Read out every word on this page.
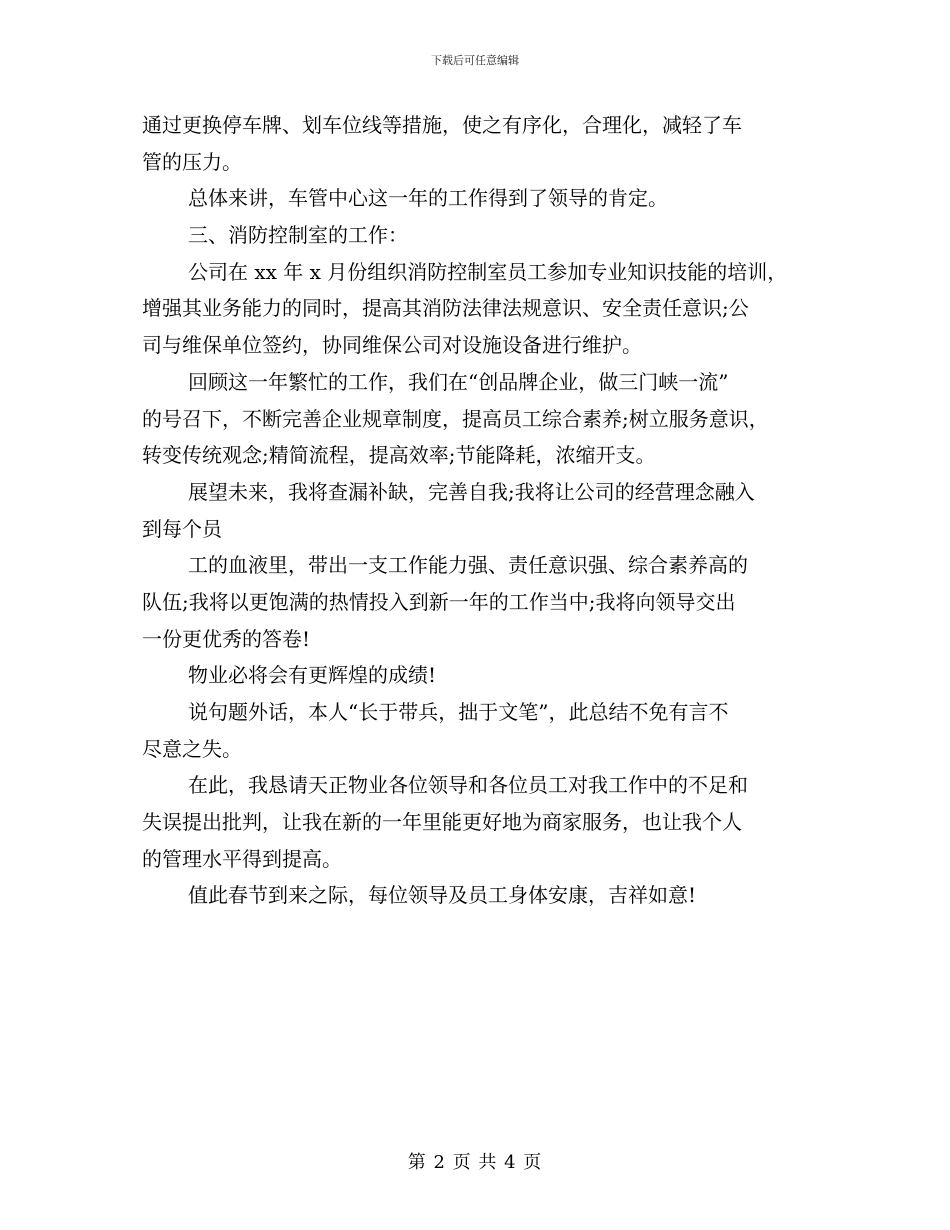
下载后可任意编辑
通过更换停车牌、划车位线等措施，使之有序化，合理化，减轻了车
管的压力。
总体来讲，车管中心这一年的工作得到了领导的肯定。
三、消防控制室的工作：
公司在 xx 年 x 月份组织消防控制室员工参加专业知识技能的培训，
增强其业务能力的同时，提高其消防法律法规意识、安全责任意识;公
司与维保单位签约，协同维保公司对设施设备进行维护。
回顾这一年繁忙的工作，我们在“创品牌企业，做三门峡一流”
的号召下，不断完善企业规章制度，提高员工综合素养;树立服务意识，
转变传统观念;精简流程，提高效率;节能降耗，浓缩开支。
展望未来，我将查漏补缺，完善自我;我将让公司的经营理念融入
到每个员
工的血液里，带出一支工作能力强、责任意识强、综合素养高的
队伍;我将以更饱满的热情投入到新一年的工作当中;我将向领导交出
一份更优秀的答卷!
物业必将会有更辉煌的成绩!
说句题外话，本人“长于带兵，拙于文笔”，此总结不免有言不
尽意之失。
在此，我恳请天正物业各位领导和各位员工对我工作中的不足和
失误提出批判，让我在新的一年里能更好地为商家服务，也让我个人
的管理水平得到提高。
值此春节到来之际，每位领导及员工身体安康，吉祥如意!
第 2 页 共 4 页
